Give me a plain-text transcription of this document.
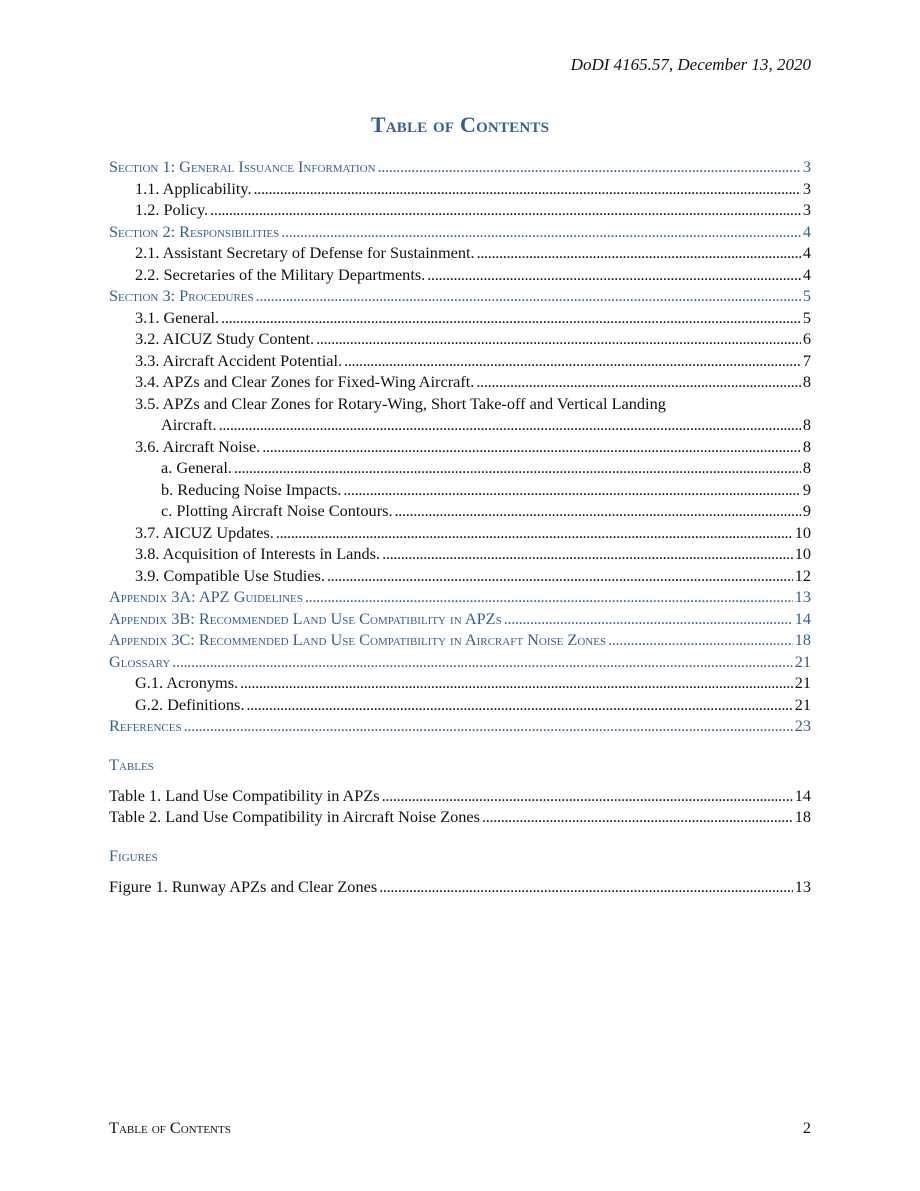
DoDI 4165.57, December 13, 2020
Table of Contents
Section 1: General Issuance Information . . .	3
1.1. Applicability. . . .	3
1.2. Policy. . . .	3
Section 2: Responsibilities . . .	4
2.1. Assistant Secretary of Defense for Sustainment. . . .	4
2.2. Secretaries of the Military Departments. . . .	4
Section 3: Procedures . . .	5
3.1. General. . . .	5
3.2. AICUZ Study Content. . . .	6
3.3. Aircraft Accident Potential. . . .	7
3.4. APZs and Clear Zones for Fixed-Wing Aircraft. . . .	8
3.5. APZs and Clear Zones for Rotary-Wing, Short Take-off and Vertical Landing
Aircraft. . . .	8
3.6. Aircraft Noise. . . .	8
a. General. . . .	8
b. Reducing Noise Impacts. . . .	9
c. Plotting Aircraft Noise Contours. . . .	9
3.7. AICUZ Updates. . . .	10
3.8. Acquisition of Interests in Lands. . . .	10
3.9. Compatible Use Studies. . . .	12
Appendix 3A: APZ Guidelines . . .	13
Appendix 3B: Recommended Land Use Compatibility in APZs . . .	14
Appendix 3C: Recommended Land Use Compatibility in Aircraft Noise Zones . . .	18
Glossary . . .	21
G.1. Acronyms. . . .	21
G.2. Definitions. . . .	21
References . . .	23
Tables
Table 1. Land Use Compatibility in APZs . . .	14
Table 2. Land Use Compatibility in Aircraft Noise Zones . . .	18
Figures
Figure 1. Runway APZs and Clear Zones . . .	13
Table of Contents	2
